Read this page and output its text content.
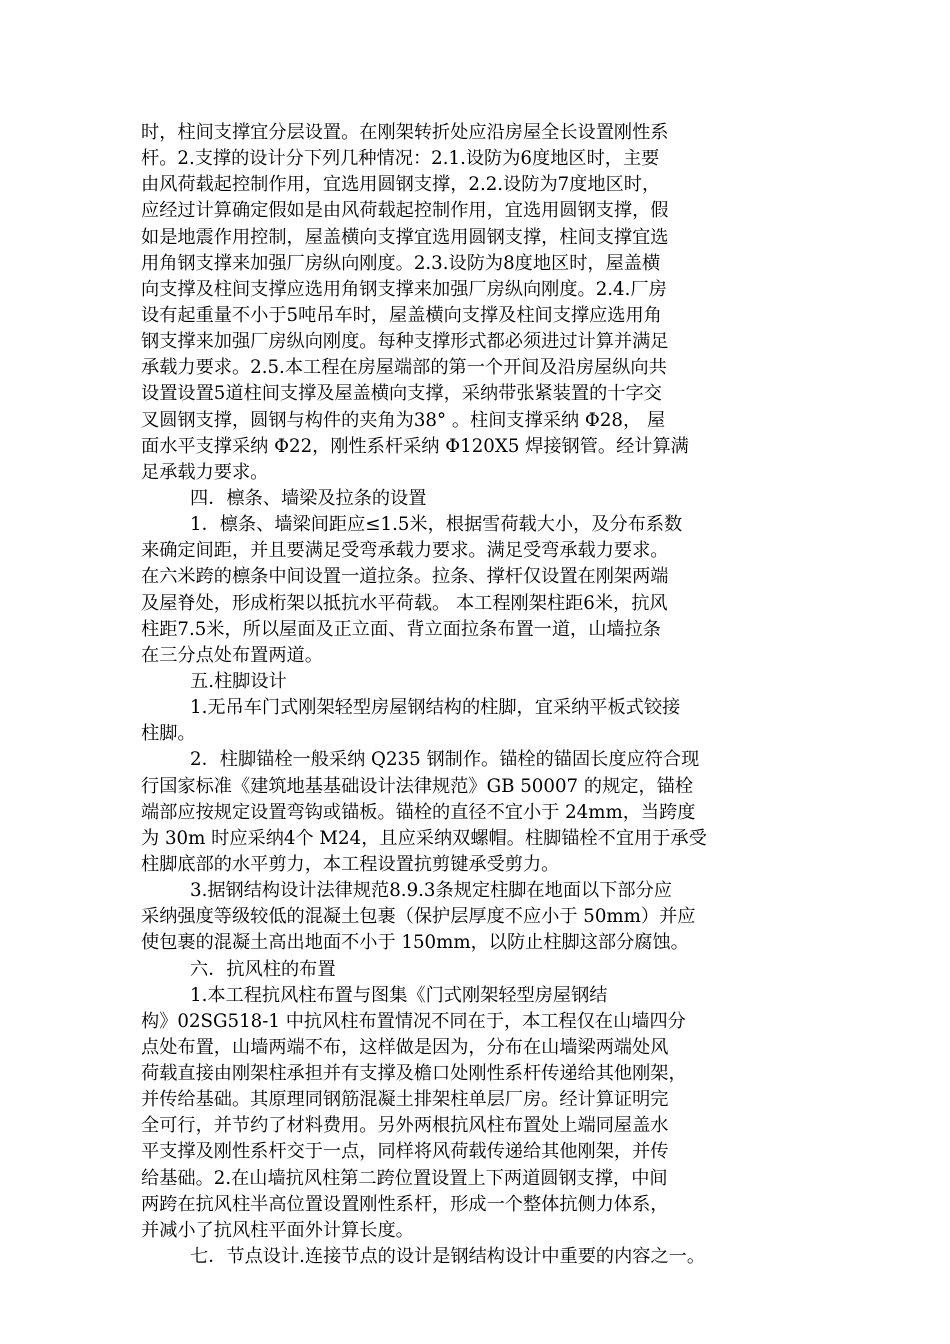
时，柱间支撑宜分层设置。在刚架转折处应沿房屋全长设置刚性系
杆。2.支撑的设计分下列几种情况：2.1.设防为6度地区时，主要
由风荷载起控制作用，宜选用圆钢支撑，2.2.设防为7度地区时，
应经过计算确定假如是由风荷载起控制作用，宜选用圆钢支撑，假
如是地震作用控制，屋盖横向支撑宜选用圆钢支撑，柱间支撑宜选
用角钢支撑来加强厂房纵向刚度。2.3.设防为8度地区时，屋盖横
向支撑及柱间支撑应选用角钢支撑来加强厂房纵向刚度。2.4.厂房
设有起重量不小于5吨吊车时，屋盖横向支撑及柱间支撑应选用角
钢支撑来加强厂房纵向刚度。每种支撑形式都必须进过计算并满足
承载力要求。2.5.本工程在房屋端部的第一个开间及沿房屋纵向共
设置设置5道柱间支撑及屋盖横向支撑，采纳带张紧装置的十字交
叉圆钢支撑，圆钢与构件的夹角为38° 。柱间支撑采纳 Φ28， 屋
面水平支撑采纳 Φ22，刚性系杆采纳 Φ120X5 焊接钢管。经计算满
足承载力要求。
四．檩条、墙梁及拉条的设置
1．檩条、墙梁间距应≤1.5米，根据雪荷载大小，及分布系数
来确定间距，并且要满足受弯承载力要求。满足受弯承载力要求。
在六米跨的檩条中间设置一道拉条。拉条、撑杆仅设置在刚架两端
及屋脊处，形成桁架以抵抗水平荷载。 本工程刚架柱距6米，抗风
柱距7.5米，所以屋面及正立面、背立面拉条布置一道，山墙拉条
在三分点处布置两道。
五.柱脚设计
1.无吊车门式刚架轻型房屋钢结构的柱脚，宜采纳平板式铰接
柱脚。
2．柱脚锚栓一般采纳 Q235 钢制作。锚栓的锚固长度应符合现
行国家标准《建筑地基基础设计法律规范》GB 50007 的规定，锚栓
端部应按规定设置弯钩或锚板。锚栓的直径不宜小于 24mm，当跨度
为 30m 时应采纳4个 M24，且应采纳双螺帽。柱脚锚栓不宜用于承受
柱脚底部的水平剪力，本工程设置抗剪键承受剪力。
3.据钢结构设计法律规范8.9.3条规定柱脚在地面以下部分应
采纳强度等级较低的混凝土包裹（保护层厚度不应小于 50mm）并应
使包裹的混凝土高出地面不小于 150mm，以防止柱脚这部分腐蚀。
六．抗风柱的布置
1.本工程抗风柱布置与图集《门式刚架轻型房屋钢结
构》02SG518-1 中抗风柱布置情况不同在于，本工程仅在山墙四分
点处布置，山墙两端不布，这样做是因为，分布在山墙梁两端处风
荷载直接由刚架柱承担并有支撑及檐口处刚性系杆传递给其他刚架，
并传给基础。其原理同钢筋混凝土排架柱单层厂房。经计算证明完
全可行，并节约了材料费用。另外两根抗风柱布置处上端同屋盖水
平支撑及刚性系杆交于一点，同样将风荷载传递给其他刚架，并传
给基础。2.在山墙抗风柱第二跨位置设置上下两道圆钢支撑，中间
两跨在抗风柱半高位置设置刚性系杆，形成一个整体抗侧力体系，
并减小了抗风柱平面外计算长度。
七．节点设计.连接节点的设计是钢结构设计中重要的内容之一。
